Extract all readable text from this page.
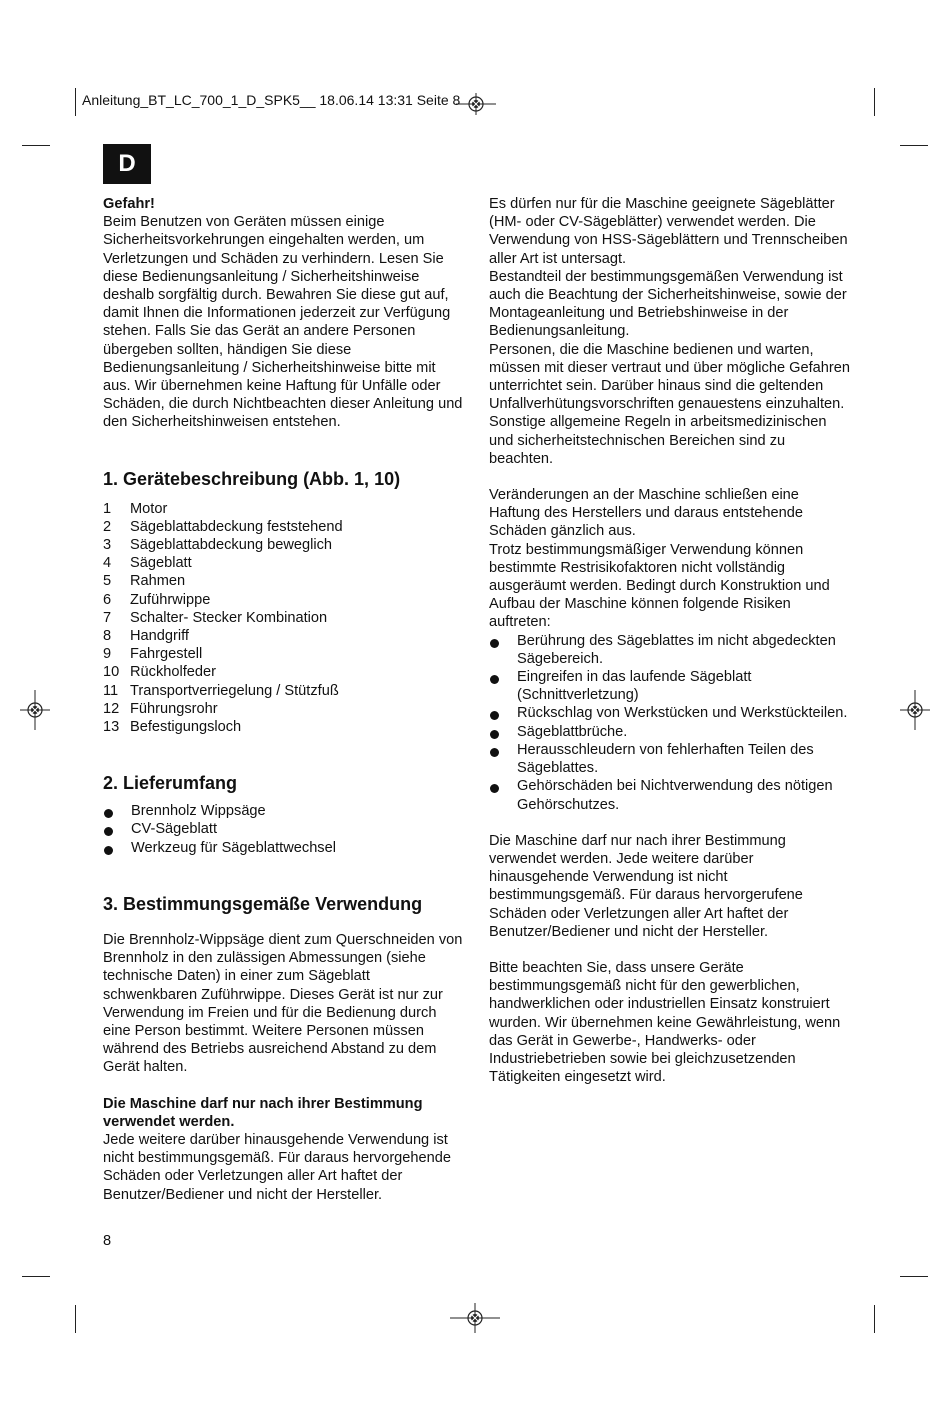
Anleitung_BT_LC_700_1_D_SPK5__ 18.06.14 13:31 Seite 8
D

Gefahr!

Beim Benutzen von Geräten müssen einige Sicherheitsvorkehrungen eingehalten werden, um Verletzungen und Schäden zu verhindern. Lesen Sie diese Bedienungsanleitung / Sicherheitshinweise deshalb sorgfältig durch. Bewahren Sie diese gut auf, damit Ihnen die Informationen jederzeit zur Verfügung stehen. Falls Sie das Gerät an andere Personen übergeben sollten, händigen Sie diese Bedienungsanleitung / Sicherheitshinweise bitte mit aus. Wir übernehmen keine Haftung für Unfälle oder Schäden, die durch Nichtbeachten dieser Anleitung und den Sicherheitshinweisen entstehen.

1. Gerätebeschreibung (Abb. 1, 10)
1	Motor
2	Sägeblattabdeckung feststehend
3	Sägeblattabdeckung beweglich
4	Sägeblatt
5	Rahmen
6	Zuführwippe
7	Schalter- Stecker Kombination
8	Handgriff
9	Fahrgestell
10 Rückholfeder
11 Transportverriegelung / Stützfuß
12 Führungsrohr
13 Befestigungsloch
2. Lieferumfang
Brennholz Wippsäge
CV-Sägeblatt
Werkzeug für Sägeblattwechsel
3. Bestimmungsgemäße Verwendung

Die Brennholz-Wippsäge dient zum Querschneiden von Brennholz in den zulässigen Abmessungen (siehe technische Daten) in einer zum Sägeblatt schwenkbaren Zuführwippe. Dieses Gerät ist nur zur Verwendung im Freien und für die Bedienung durch eine Person bestimmt. Weitere Personen müssen während des Betriebs ausreichend Abstand zu dem Gerät halten.

Die Maschine darf nur nach ihrer Bestimmung verwendet werden.

Jede weitere darüber hinausgehende Verwendung ist nicht bestimmungsgemäß. Für daraus hervorgehende Schäden oder Verletzungen aller Art haftet der Benutzer/Bediener und nicht der Hersteller.

Es dürfen nur für die Maschine geeignete Sägeblätter (HM- oder CV-Sägeblätter) verwendet werden. Die Verwendung von HSS-Sägeblättern und Trennscheiben aller Art ist untersagt.

Bestandteil der bestimmungsgemäßen Verwendung ist auch die Beachtung der Sicherheitshinweise, sowie der Montageanleitung und Betriebshinweise in der Bedienungsanleitung.

Personen, die die Maschine bedienen und warten, müssen mit dieser vertraut und über mögliche Gefahren unterrichtet sein. Darüber hinaus sind die geltenden Unfallverhütungsvorschriften genauestens einzuhalten. Sonstige allgemeine Regeln in arbeitsmedizinischen und sicherheitstechnischen Bereichen sind zu beachten.

Veränderungen an der Maschine schließen eine Haftung des Herstellers und daraus entstehende Schäden gänzlich aus.

Trotz bestimmungsmäßiger Verwendung können bestimmte Restrisikofaktoren nicht vollständig ausgeräumt werden. Bedingt durch Konstruktion und Aufbau der Maschine können folgende Risiken auftreten:

Berührung des Sägeblattes im nicht abgedeckten Sägebereich.
Eingreifen in das laufende Sägeblatt (Schnittverletzung)
Rückschlag von Werkstücken und Werkstückteilen.
Sägeblattbrüche.
Herausschleudern von fehlerhaften Teilen des Sägeblattes.
Gehörschäden bei Nichtverwendung des nötigen Gehörschutzes.

Die Maschine darf nur nach ihrer Bestimmung verwendet werden. Jede weitere darüber hinausgehende Verwendung ist nicht bestimmungsgemäß. Für daraus hervorgerufene Schäden oder Verletzungen aller Art haftet der Benutzer/Bediener und nicht der Hersteller.

Bitte beachten Sie, dass unsere Geräte bestimmungsgemäß nicht für den gewerblichen, handwerklichen oder industriellen Einsatz konstruiert wurden. Wir übernehmen keine Gewährleistung, wenn das Gerät in Gewerbe-, Handwerks- oder Industriebetrieben sowie bei gleichzusetzenden Tätigkeiten eingesetzt wird.

8
